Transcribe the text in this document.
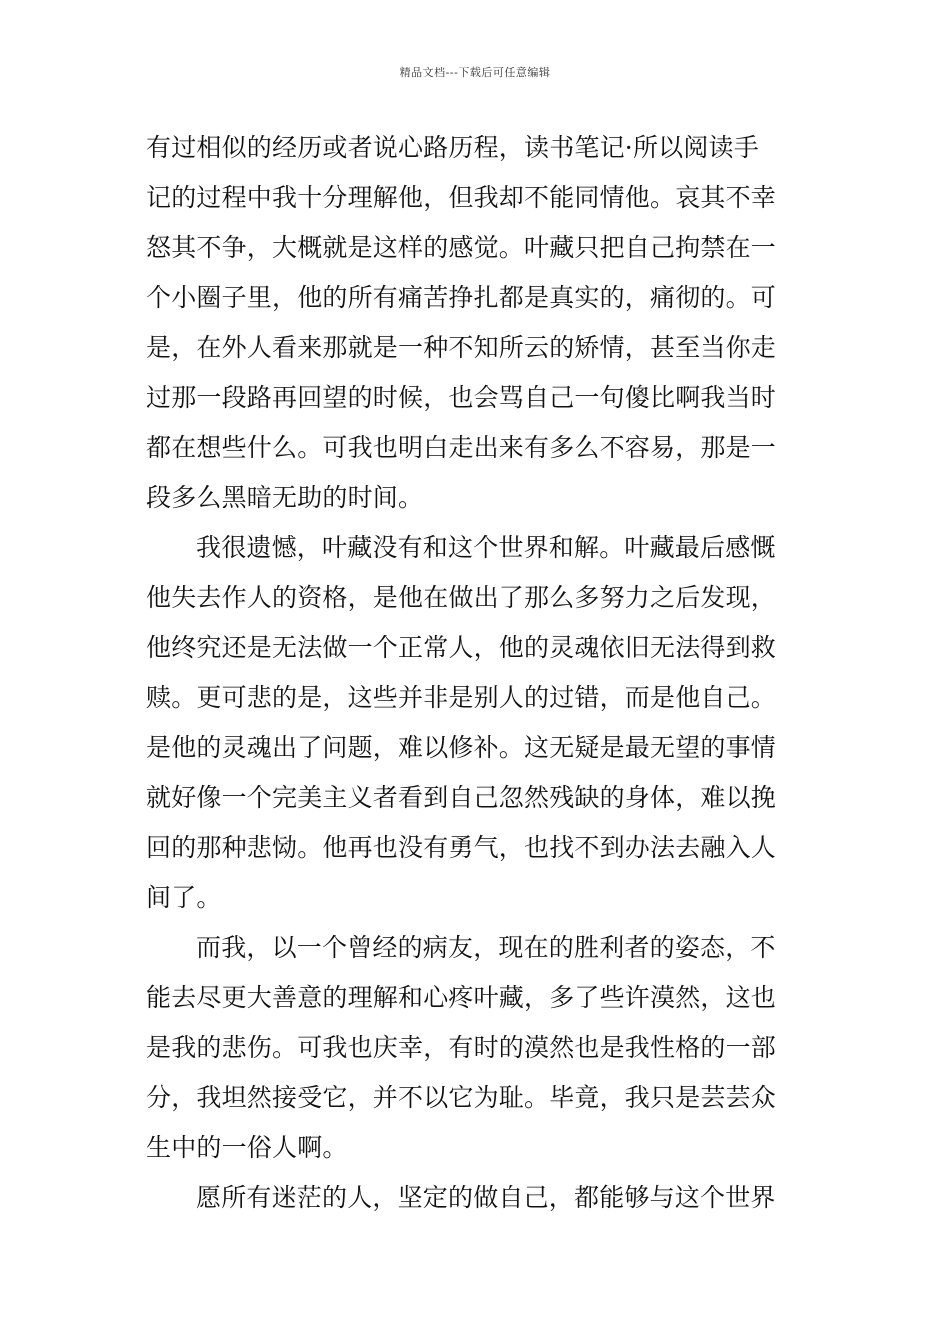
精品文档---下载后可任意编辑
有过相似的经历或者说心路历程，读书笔记·所以阅读手
记的过程中我十分理解他，但我却不能同情他。哀其不幸
怒其不争，大概就是这样的感觉。叶藏只把自己拘禁在一
个小圈子里，他的所有痛苦挣扎都是真实的，痛彻的。可
是，在外人看来那就是一种不知所云的矫情，甚至当你走
过那一段路再回望的时候，也会骂自己一句傻比啊我当时
都在想些什么。可我也明白走出来有多么不容易，那是一
段多么黑暗无助的时间。
我很遗憾，叶藏没有和这个世界和解。叶藏最后感慨
他失去作人的资格，是他在做出了那么多努力之后发现，
他终究还是无法做一个正常人，他的灵魂依旧无法得到救
赎。更可悲的是，这些并非是别人的过错，而是他自己。
是他的灵魂出了问题，难以修补。这无疑是最无望的事情
就好像一个完美主义者看到自己忽然残缺的身体，难以挽
回的那种悲恸。他再也没有勇气，也找不到办法去融入人
间了。
而我，以一个曾经的病友，现在的胜利者的姿态，不
能去尽更大善意的理解和心疼叶藏，多了些许漠然，这也
是我的悲伤。可我也庆幸，有时的漠然也是我性格的一部
分，我坦然接受它，并不以它为耻。毕竟，我只是芸芸众
生中的一俗人啊。
愿所有迷茫的人，坚定的做自己，都能够与这个世界
